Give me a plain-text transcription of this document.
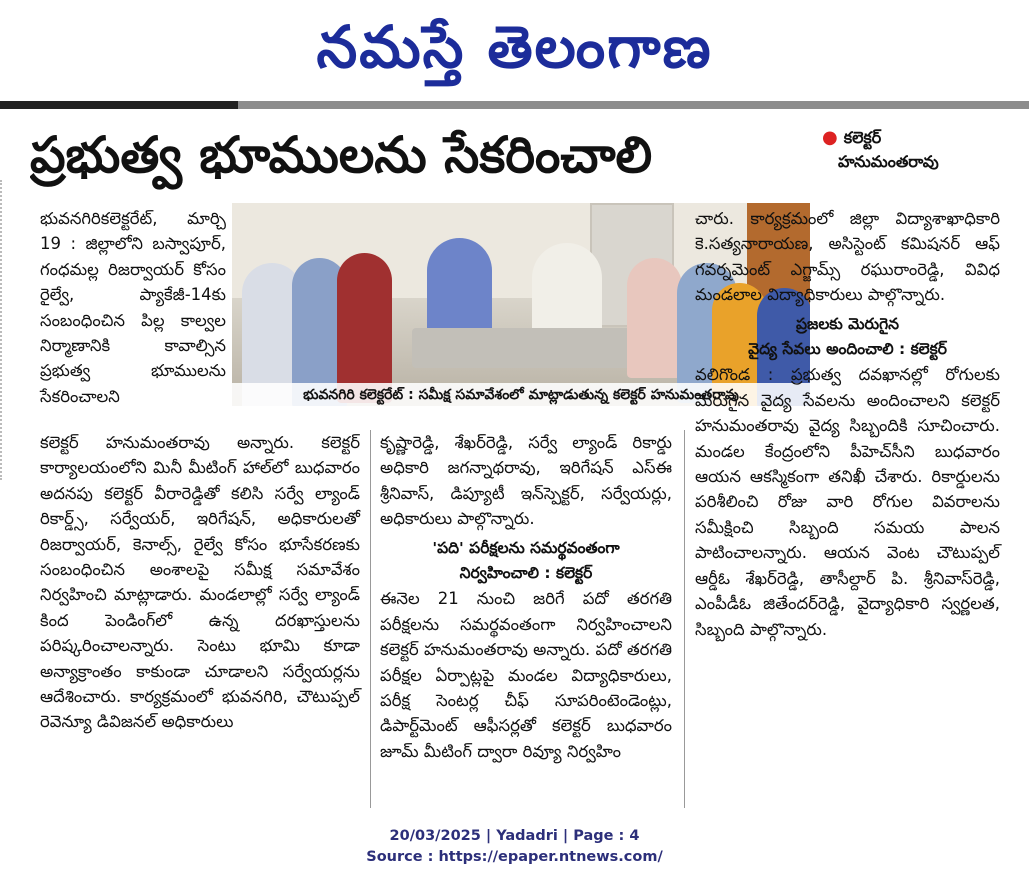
నమస్తే తెలంగాణ
ప్రభుత్వ భూములను సేకరించాలి	● కలెక్టర్
హనుమంతరావు

భువనగిరికలెక్టరేట్, మార్చి 19 : జిల్లాలోని బస్వాపూర్, గంధమల్ల రిజర్వాయర్ కోసం రైల్వే, ప్యాకేజీ-14కు సంబంధించిన పిల్ల కాల్వల నిర్మాణానికి కావాల్సిన ప్రభుత్వ భూములను సేకరించాలని	భువనగిరి కలెక్టరేట్ : సమీక్ష సమావేశంలో మాట్లాడుతున్న కలెక్టర్ హనుమంతరావు

కలెక్టర్ హనుమంతరావు అన్నారు. కలెక్టర్ కార్యాలయంలోని మినీ మీటింగ్ హాల్‌లో బుధవారం అదనపు కలెక్టర్ వీరారెడ్డితో కలిసి సర్వే ల్యాండ్ రికార్డ్స్, సర్వేయర్, ఇరిగేషన్, అధికారులతో రిజర్వాయర్, కెనాల్స్, రైల్వే కోసం భూసేకరణకు సంబంధించిన అంశాలపై సమీక్ష సమావేశం నిర్వహించి మాట్లాడారు. మండలాల్లో సర్వే ల్యాండ్ కింద పెండింగ్‌లో ఉన్న దరఖాస్తులను పరిష్కరించాలన్నారు. సెంటు భూమి కూడా అన్యాక్రాంతం కాకుండా చూడాలని సర్వేయర్లను ఆదేశించారు. కార్యక్రమంలో భువనగిరి, చౌటుప్పల్ రెవెన్యూ డివిజనల్ అధికారులు

కృష్ణారెడ్డి, శేఖర్‌రెడ్డి, సర్వే ల్యాండ్ రికార్డు అధికారి జగన్నాథరావు, ఇరిగేషన్ ఎస్ఈ శ్రీనివాస్, డిప్యూటీ ఇన్‌స్పెక్టర్, సర్వేయర్లు, అధికారులు పాల్గొన్నారు.

'పది' పరీక్షలను సమర్థవంతంగా
నిర్వహించాలి : కలెక్టర్

ఈనెల 21 నుంచి జరిగే పదో తరగతి పరీక్షలను సమర్థవంతంగా నిర్వహించాలని కలెక్టర్ హనుమంతరావు అన్నారు. పదో తరగతి పరీక్షల ఏర్పాట్లపై మండల విద్యాధికారులు, పరీక్ష సెంటర్ల చీఫ్ సూపరింటెండెంట్లు, డిపార్ట్‌మెంట్ ఆఫీసర్లతో కలెక్టర్ బుధవారం జూమ్ మీటింగ్ ద్వారా రివ్యూ నిర్వహిం

చారు. కార్యక్రమంలో జిల్లా విద్యాశాఖాధికారి కె.సత్యనారాయణ, అసిస్టెంట్ కమిషనర్ ఆఫ్ గవర్నమెంట్ ఎగ్జామ్స్ రఘురాంరెడ్డి, వివిధ మండలాల విద్యాధికారులు పాల్గొన్నారు.

ప్రజలకు మెరుగైన
వైద్య సేవలు అందించాలి : కలెక్టర్

వలిగొండ : ప్రభుత్వ దవఖానల్లో రోగులకు మెరుగైన వైద్య సేవలను అందించాలని కలెక్టర్ హనుమంతరావు వైద్య సిబ్బందికి సూచించారు. మండల కేంద్రంలోని పీహెచ్‌సీని బుధవారం ఆయన ఆకస్మికంగా తనిఖీ చేశారు. రికార్డులను పరిశీలించి రోజు వారి రోగుల వివరాలను సమీక్షించి సిబ్బంది సమయ పాలన పాటించాలన్నారు. ఆయన వెంట చౌటుప్పల్ ఆర్డీఓ శేఖర్‌రెడ్డి, తాసీల్దార్ పి. శ్రీనివాస్‌రెడ్డి, ఎంపీడీఓ జితేందర్‌రెడ్డి, వైద్యాధికారి స్వర్ణలత, సిబ్బంది పాల్గొన్నారు.

20/03/2025 | Yadadri | Page : 4
Source : https://epaper.ntnews.com/
